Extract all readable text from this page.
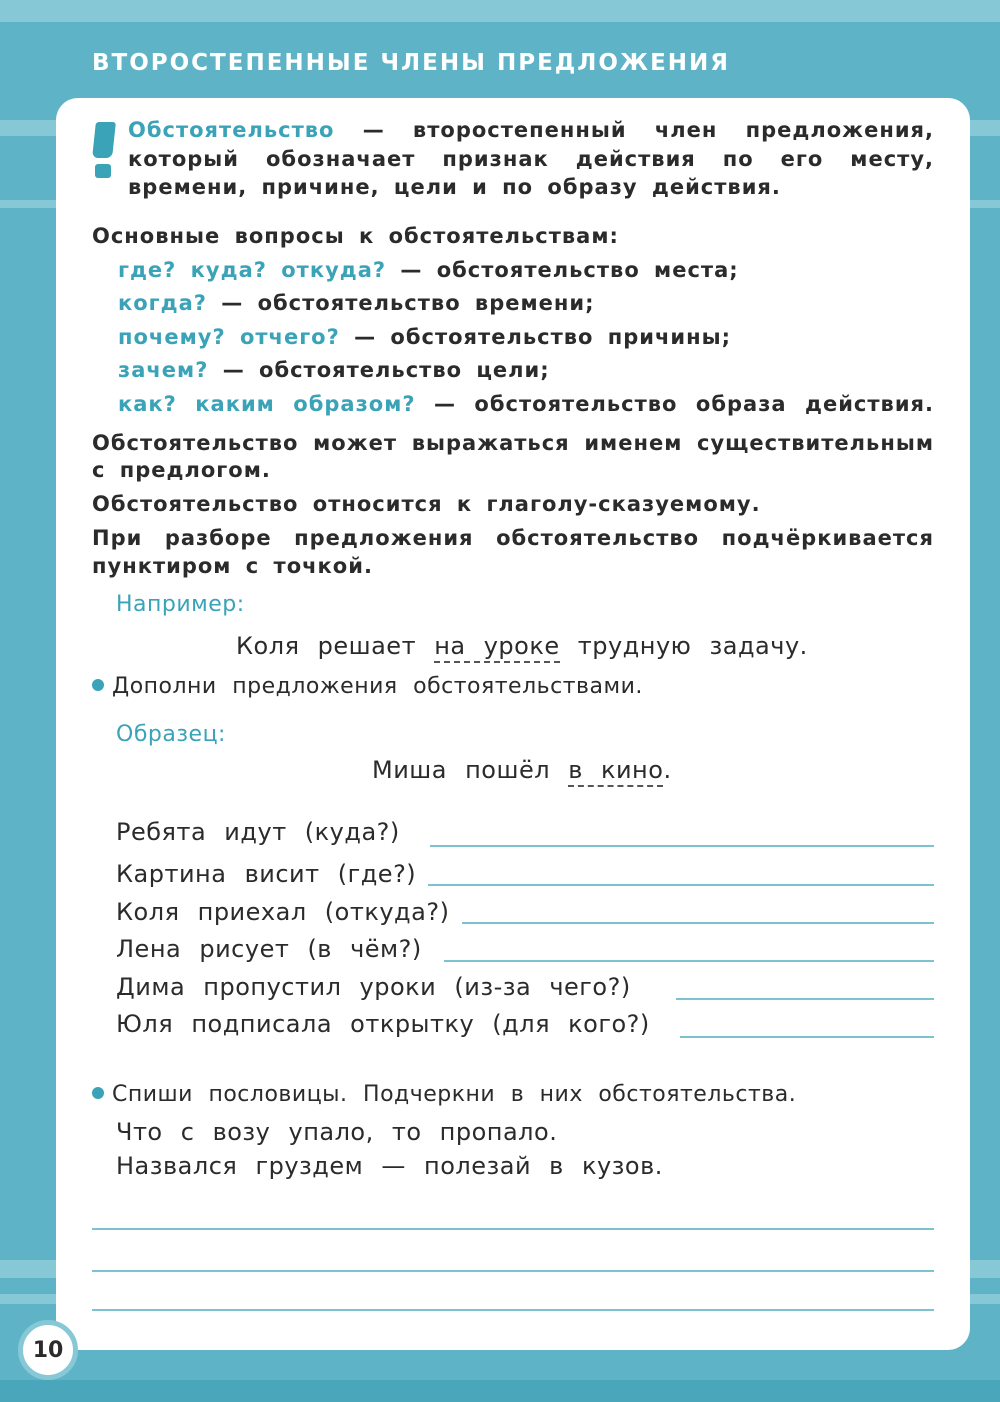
ВТОРОСТЕПЕННЫЕ ЧЛЕНЫ ПРЕДЛОЖЕНИЯ
Обстоятельство — второстепенный член предложения,
который обозначает признак действия по его месту,
времени, причине, цели и по образу действия.
Основные вопросы к обстоятельствам:
где? куда? откуда? — обстоятельство места;
когда? — обстоятельство времени;
почему? отчего? — обстоятельство причины;
зачем? — обстоятельство цели;
как? каким образом? — обстоятельство образа действия.
Обстоятельство может выражаться именем существительным
с предлогом.
Обстоятельство относится к глаголу-сказуемому.
При разборе предложения обстоятельство подчёркивается
пунктиром с точкой.
Например:
Коля решает на уроке трудную задачу.
Дополни предложения обстоятельствами.
Образец:
Миша пошёл в кино.
Ребята идут (куда?)
Картина висит (где?)
Коля приехал (откуда?)
Лена рисует (в чём?)
Дима пропустил уроки (из-за чего?)
Юля подписала открытку (для кого?)
Спиши пословицы. Подчеркни в них обстоятельства.
Что с возу упало, то пропало.
Назвался груздем — полезай в кузов.
10
